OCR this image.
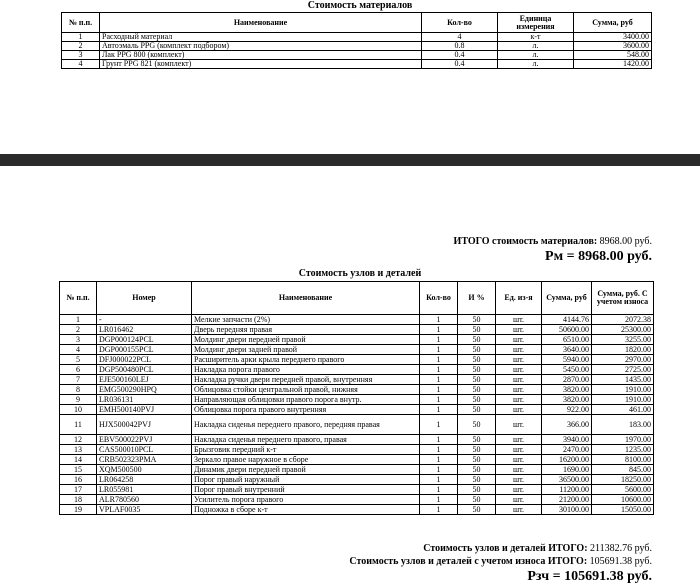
Стоимость материалов
№ п.п.	Наименование	Кол-во	Единица измерения	Сумма, руб
1	Расходный материал	4	к-т	3400.00
2	Автоэмаль PPG (комплект подбором)	0.8	л.	3600.00
3	Лак PPG 800 (комплект)	0.4	л.	548.00
4	Грунт PPG 821 (комплект)	0.4	л.	1420.00
ИТОГО стоимость материалов: 8968.00 руб.
Рм = 8968.00 руб.
Стоимость узлов и деталей
№ п.п.	Номер	Наименование	Кол-во	И %	Ед. из-я	Сумма, руб	Сумма, руб. С учетом износа
1	-	Мелкие запчасти (2%)	1	50	шт.	4144.76	2072.38
2	LR016462	Дверь передняя правая	1	50	шт.	50600.00	25300.00
3	DGP000124PCL	Молдинг двери передней правой	1	50	шт.	6510.00	3255.00
4	DGP000155PCL	Молдинг двери задней правой	1	50	шт.	3640.00	1820.00
5	DFJ000022PCL	Расширитель арки крыла переднего правого	1	50	шт.	5940.00	2970.00
6	DGP500480PCL	Накладка порога правого	1	50	шт.	5450.00	2725.00
7	EJE500160LEJ	Накладка ручки двери передней правой, внутренняя	1	50	шт.	2870.00	1435.00
8	EMG500290HPQ	Облицовка стойки центральной правой, нижняя	1	50	шт.	3820.00	1910.00
9	LR036131	Направляющая облицовки правого порога внутр.	1	50	шт.	3820.00	1910.00
10	EMH500140PVJ	Облицовка порога правого внутренняя	1	50	шт.	922.00	461.00
11	HJX500042PVJ	Накладка сиденья переднего правого, передняя правая	1	50	шт.	366.00	183.00
12	EBV500022PVJ	Накладка сиденья переднего правого, правая	1	50	шт.	3940.00	1970.00
13	CAS500010PCL	Брызговик передний к-т	1	50	шт.	2470.00	1235.00
14	CRB502323PMA	Зеркало правое наружное в сборе	1	50	шт.	16200.00	8100.00
15	XQM500500	Динамик двери передней правой	1	50	шт.	1690.00	845.00
16	LR064258	Порог правый наружный	1	50	шт.	36500.00	18250.00
17	LR055981	Порог правый внутренний	1	50	шт.	11200.00	5600.00
18	ALR780560	Усилитель порога правого	1	50	шт.	21200.00	10600.00
19	VPLAF0035	Подножка в сборе к-т	1	50	шт.	30100.00	15050.00
Стоимость узлов и деталей ИТОГО: 211382.76 руб.
Стоимость узлов и деталей с учетом износа ИТОГО: 105691.38 руб.
Рзч = 105691.38 руб.
